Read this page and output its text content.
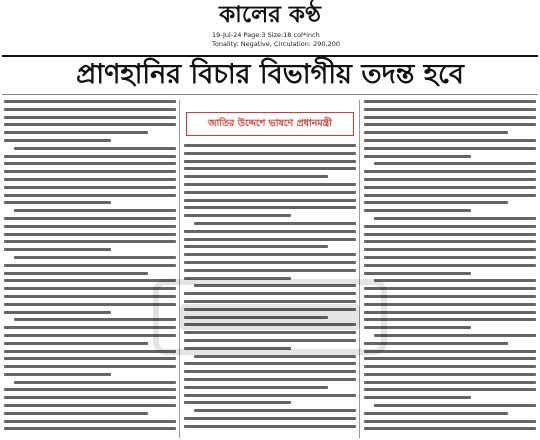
কালের কণ্ঠ
19-Jul-24 Page:3 Size:18 col*inch
Tonality: Negative, Circulation: 290,200
প্রাণহানির বিচার বিভাগীয় তদন্ত হবে
জাতির উদ্দেশে ভাষণে প্রধানমন্ত্রী
